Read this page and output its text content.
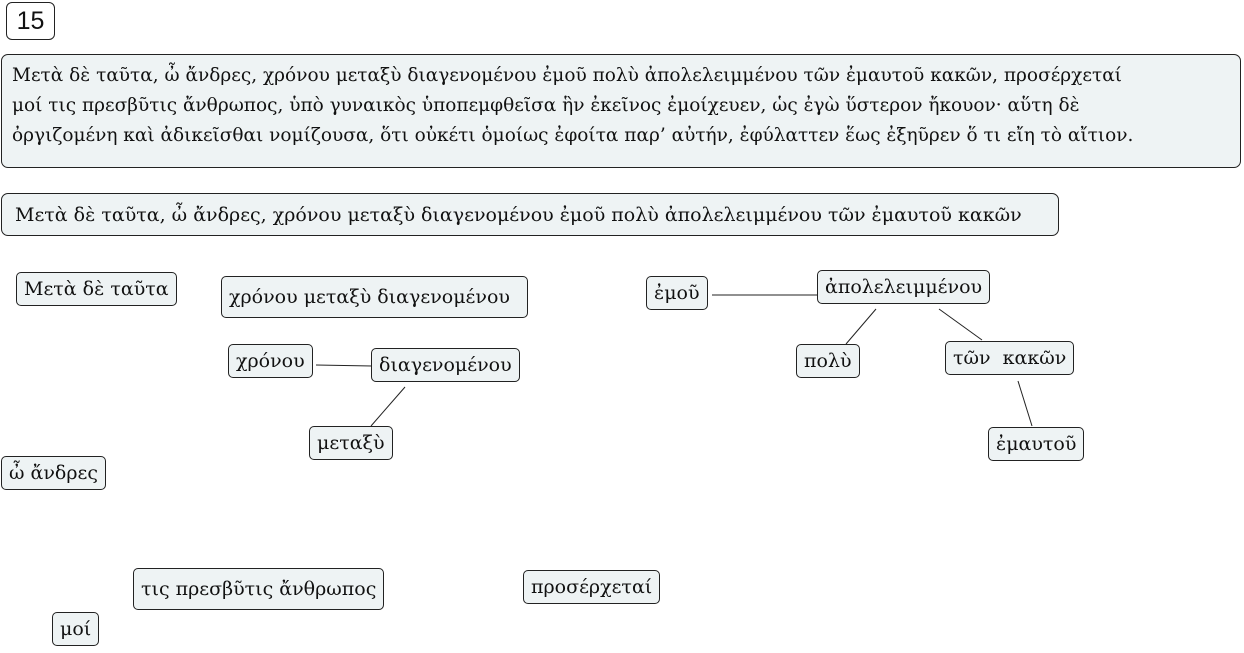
15
Μετὰ δὲ ταῦτα, ὦ ἄνδρες, χρόνου μεταξὺ διαγενομένου ἐμοῦ πολὺ ἀπολελειμμένου τῶν ἐμαυτοῦ κακῶν, προσέρχεταί
μοί τις πρεσβῦτις ἄνθρωπος, ὑπὸ γυναικὸς ὑποπεμφθεῖσα ἣν ἐκεῖνος ἐμοίχευεν, ὡς ἐγὼ ὕστερον ἤκουον· αὕτη δὲ
ὀργιζομένη καὶ ἀδικεῖσθαι νομίζουσα, ὅτι οὐκέτι ὁμοίως ἐφοίτα παρ’ αὐτήν, ἐφύλαττεν ἕως ἐξηῦρεν ὅ τι εἴη τὸ αἴτιον.
Μετὰ δὲ ταῦτα, ὦ ἄνδρες, χρόνου μεταξὺ διαγενομένου ἐμοῦ πολὺ ἀπολελειμμένου τῶν ἐμαυτοῦ κακῶν
Μετὰ δὲ ταῦτα	χρόνου μεταξὺ διαγενομένου
χρόνου	διαγενομένου
μεταξὺ
ἐμοῦ	ἀπολελειμμένου
πολὺ	τῶν  κακῶν
ἐμαυτοῦ
ὦ ἄνδρες
τις πρεσβῦτις ἄνθρωπος	προσέρχεταί
μοί
